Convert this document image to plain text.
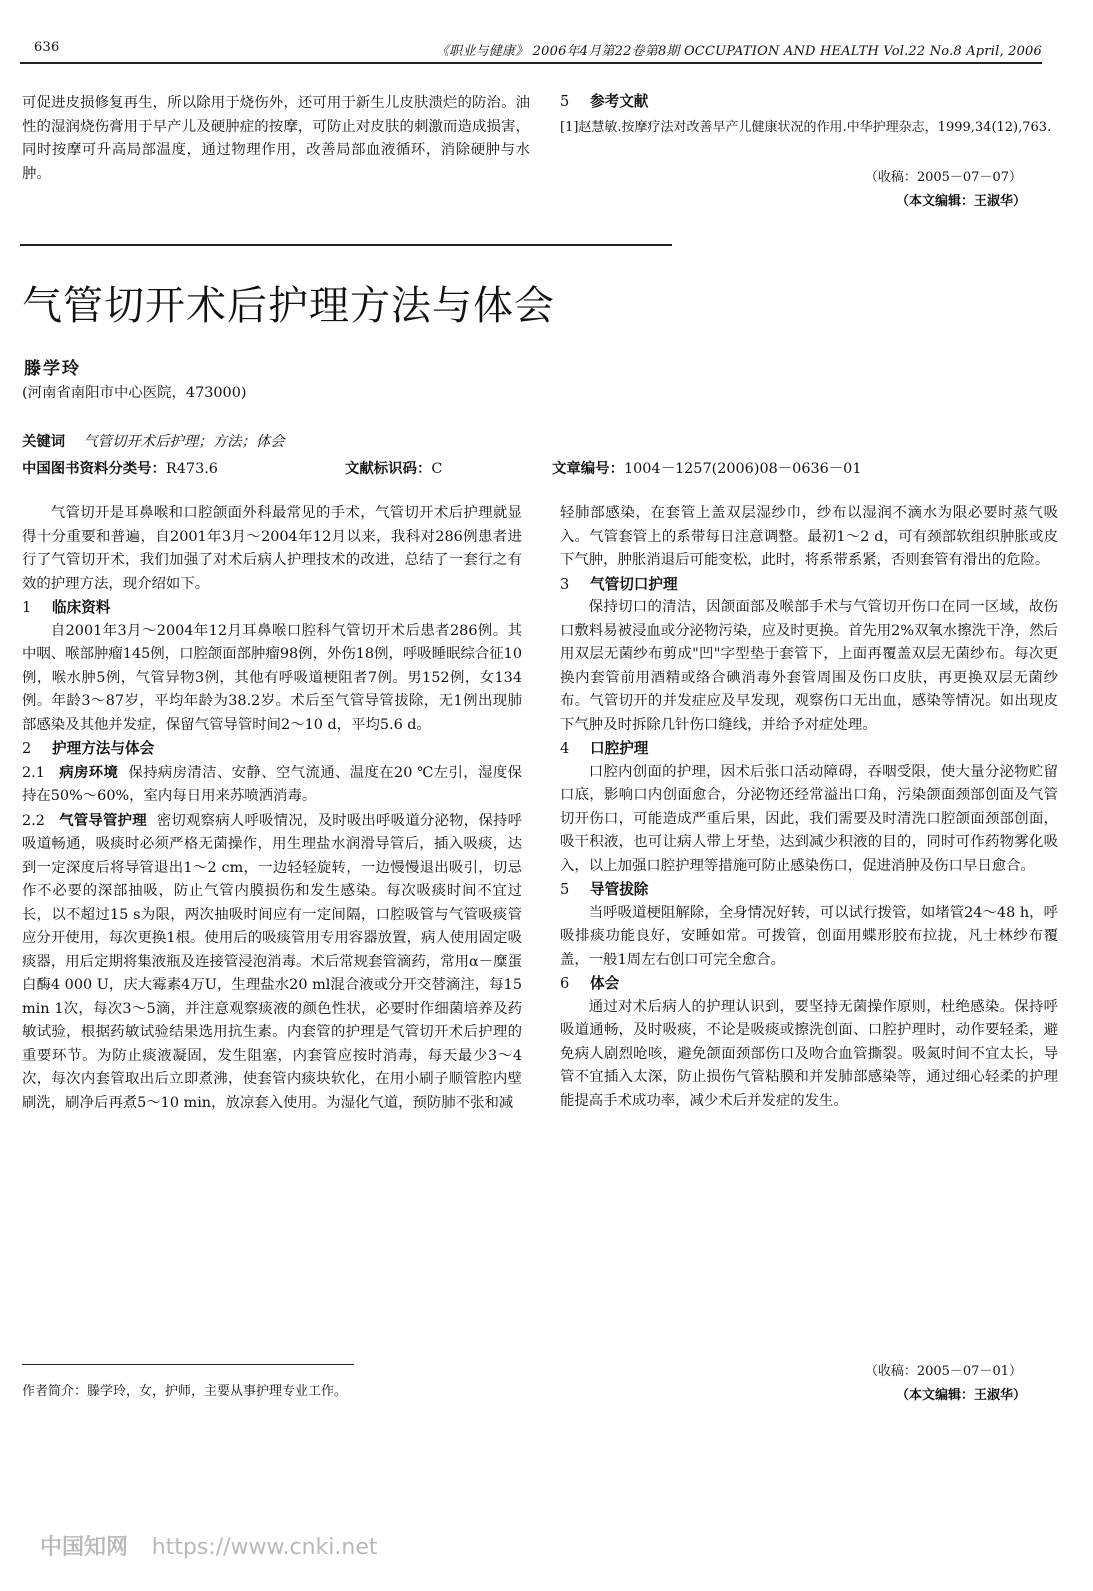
636	《职业与健康》 2006年4月第22卷第8期 OCCUPATION AND HEALTH Vol.22 No.8 April, 2006

可促进皮损修复再生，所以除用于烧伤外，还可用于新生儿皮肤溃烂的防治。油性的湿润烧伤膏用于早产儿及硬肿症的按摩，可防止对皮肤的刺激而造成损害，同时按摩可升高局部温度，通过物理作用，改善局部血液循环，消除硬肿与水肿。

5 参考文献
[1]赵慧敏.按摩疗法对改善早产儿健康状况的作用.中华护理杂志，1999,34(12),763.
（收稿：2005－07－07）
（本文编辑：王淑华）
气管切开术后护理方法与体会
滕学玲
(河南省南阳市中心医院，473000)
关键词 气管切开术后护理；方法；体会
中国图书资料分类号：R473.6	文献标识码：C	文章编号：1004－1257(2006)08－0636－01

气管切开是耳鼻喉和口腔颌面外科最常见的手术，气管切开术后护理就显得十分重要和普遍，自2001年3月～2004年12月以来，我科对286例患者进行了气管切开术，我们加强了对术后病人护理技术的改进，总结了一套行之有效的护理方法，现介绍如下。

1 临床资料

自2001年3月～2004年12月耳鼻喉口腔科气管切开术后患者286例。其中咽、喉部肿瘤145例，口腔颌面部肿瘤98例，外伤18例，呼吸睡眠综合征10例，喉水肿5例，气管异物3例，其他有呼吸道梗阻者7例。男152例，女134例。年龄3～87岁，平均年龄为38.2岁。术后至气管导管拔除，无1例出现肺部感染及其他并发症，保留气管导管时间2～10 d，平均5.6 d。

2 护理方法与体会

2.1 病房环境 保持病房清洁、安静、空气流通、温度在20 ℃左引，湿度保持在50%～60%，室内每日用来苏喷洒消毒。

2.2 气管导管护理 密切观察病人呼吸情况，及时吸出呼吸道分泌物，保持呼吸道畅通，吸痰时必须严格无菌操作，用生理盐水润滑导管后，插入吸痰，达到一定深度后将导管退出1～2 cm，一边轻轻旋转，一边慢慢退出吸引，切忌作不必要的深部抽吸，防止气管内膜损伤和发生感染。每次吸痰时间不宜过长，以不超过15 s为限，两次抽吸时间应有一定间隔，口腔吸管与气管吸痰管应分开使用，每次更换1根。使用后的吸痰管用专用容器放置，病人使用固定吸痰器，用后定期将集液瓶及连接管浸泡消毒。术后常规套管滴药，常用α－糜蛋白酶4 000 U，庆大霉素4万U，生理盐水20 ml混合液或分开交替滴注，每15 min 1次，每次3～5滴，并注意观察痰液的颜色性状，必要时作细菌培养及药敏试验，根据药敏试验结果选用抗生素。内套管的护理是气管切开术后护理的重要环节。为防止痰液凝固，发生阻塞，内套管应按时消毒，每天最少3～4次，每次内套管取出后立即煮沸，使套管内痰块软化，在用小刷子顺管腔内壁刷洗，刷净后再煮5～10 min，放凉套入使用。为湿化气道，预防肺不张和减

作者简介：滕学玲，女，护师，主要从事护理专业工作。

轻肺部感染，在套管上盖双层湿纱巾，纱布以湿润不滴水为限必要时蒸气吸入。气管套管上的系带每日注意调整。最初1～2 d，可有颈部软组织肿胀或皮下气肿，肿胀消退后可能变松，此时，将系带系紧，否则套管有滑出的危险。

3 气管切口护理

保持切口的清洁，因颌面部及喉部手术与气管切开伤口在同一区域，故伤口敷料易被浸血或分泌物污染，应及时更换。首先用2%双氧水擦洗干净，然后用双层无菌纱布剪成"凹"字型垫于套管下，上面再覆盖双层无菌纱布。每次更换内套管前用酒精或络合碘消毒外套管周围及伤口皮肤，再更换双层无菌纱布。气管切开的并发症应及早发现，观察伤口无出血，感染等情况。如出现皮下气肿及时拆除几针伤口缝线，并给予对症处理。

4 口腔护理

口腔内创面的护理，因术后张口活动障碍，吞咽受限，使大量分泌物贮留口底，影响口内创面愈合，分泌物还经常溢出口角，污染颌面颈部创面及气管切开伤口，可能造成严重后果，因此，我们需要及时清洗口腔颌面颈部创面，吸干积液，也可让病人带上牙垫，达到减少积液的目的，同时可作药物雾化吸入，以上加强口腔护理等措施可防止感染伤口，促进消肿及伤口早日愈合。

5 导管拔除

当呼吸道梗阻解除，全身情况好转，可以试行拨管，如堵管24～48 h，呼吸排痰功能良好，安睡如常。可拨管，创面用蝶形胶布拉拢，凡士林纱布覆盖，一般1周左右创口可完全愈合。

6 体会

通过对术后病人的护理认识到，要坚持无菌操作原则，杜绝感染。保持呼吸道通畅，及时吸痰，不论是吸痰或擦洗创面、口腔护理时，动作要轻柔，避免病人剧烈呛咳，避免颌面颈部伤口及吻合血管撕裂。吸氮时间不宜太长，导管不宜插入太深，防止损伤气管粘膜和并发肺部感染等，通过细心轻柔的护理能提高手术成功率，减少术后并发症的发生。

（收稿：2005－07－01）
（本文编辑：王淑华）
中国知网 https://www.cnki.net
